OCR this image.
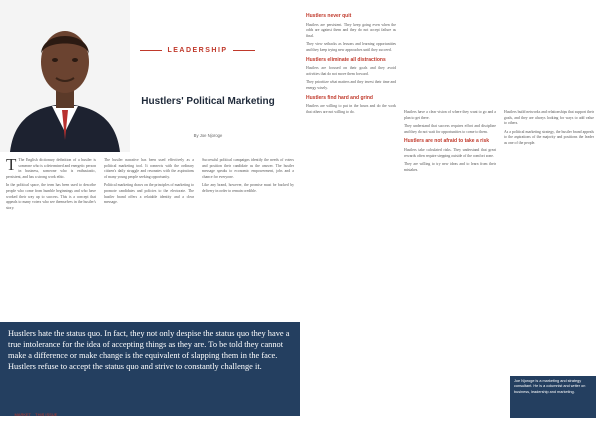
LEADERSHIP
Hustlers' Political Marketing
By Joe Njoroge

T The English dictionary definition of a hustler is someone who is a determined and energetic person in business, someone who is enthusiastic, persistent, and has a strong work ethic.

In the political space, the term has been used to describe people who come from humble beginnings and who have worked their way up to success. This is a concept that appeals to many voters who see themselves in the hustler's story.

The hustler narrative has been used effectively as a political marketing tool. It connects with the ordinary citizen's daily struggle and resonates with the aspirations of many young people seeking opportunity.

Political marketing draws on the principles of marketing to promote candidates and policies to the electorate. The hustler brand offers a relatable identity and a clear message.

Successful political campaigns identify the needs of voters and position their candidate as the answer. The hustler message speaks to economic empowerment, jobs and a chance for everyone.

Like any brand, however, the promise must be backed by delivery in order to remain credible.

Hustlers hate the status quo. In fact, they not only despise the status quo they have a true intolerance for the idea of accepting things as they are. To be told they cannot make a difference or make change is the equivalent of slapping them in the face. Hustlers refuse to accept the status quo and strive to constantly challenge it.
20 MARKET THIS ISSUE
Hustlers never quit

Hustlers are persistent. They keep going even when the odds are against them and they do not accept failure as final.

They view setbacks as lessons and learning opportunities and they keep trying new approaches until they succeed.

Hustlers eliminate all distractions

Hustlers are focused on their goals and they avoid activities that do not move them forward.

They prioritize what matters and they invest their time and energy wisely.

Hustlers find hard and grind

Hustlers are willing to put in the hours and do the work that others are not willing to do.	Hustlers have a clear vision of where they want to go and a plan to get there.

They understand that success requires effort and discipline and they do not wait for opportunities to come to them.

Hustlers are not afraid to take a risk

Hustlers take calculated risks. They understand that great rewards often require stepping outside of the comfort zone.

They are willing to try new ideas and to learn from their mistakes.

Hustlers build networks and relationships that support their goals, and they are always looking for ways to add value to others.

As a political marketing strategy, the hustler brand appeals to the aspirations of the majority and positions the leader as one of the people.

Joe Njoroge is a marketing and strategy consultant. He is a columnist and writer on business, leadership and marketing.
